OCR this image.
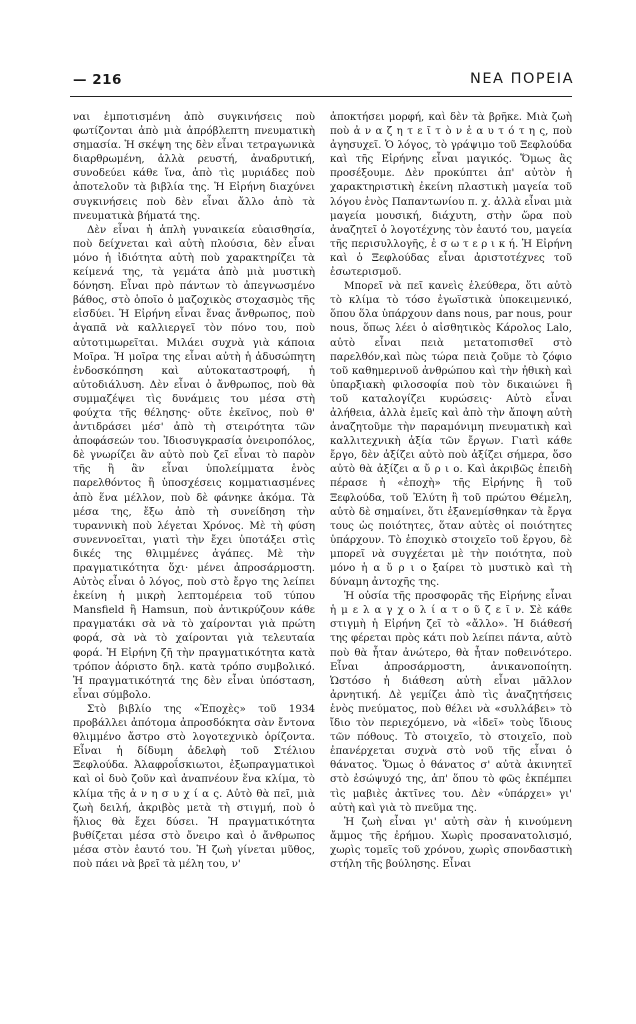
— 216	ΝΕΑ ΠΟΡΕΙΑ

ναι ἐμποτισμένη ἀπὸ συγκινήσεις ποὺ φωτίζονται ἀπὸ μιὰ ἀπρόβλεπτη πνευματικὴ σημασία. Ἡ σκέψη της δὲν εἶναι τετραγωνικὰ διαρθρωμένη, ἀλλὰ ρευστή, ἀναδρυτική, συνοδεύει κάθε ἴνα, ἀπὸ τὶς μυριάδες ποὺ ἀποτελοῦν τὰ βιβλία της. Ἡ Εἰρήνη διαχύνει συγκινήσεις ποὺ δὲν εἶναι ἄλλο ἀπὸ τὰ πνευματικὰ βήματά της.

Δὲν εἶναι ἡ ἁπλὴ γυναικεία εὐαισθησία, ποὺ δείχνεται καὶ αὐτὴ πλούσια, δὲν εἶναι μόνο ἡ ἰδιότητα αὐτὴ ποὺ χαρακτηρίζει τὰ κείμενά της, τὰ γεμάτα ἀπὸ μιὰ μυστικὴ δόνηση. Εἶναι πρὸ πάντων τὸ ἀπεγνωσμένο βάθος, στὸ ὁποῖο ὁ μαζοχικὸς στοχασμὸς τῆς εἰσδύει. Ἡ Εἰρήνη εἶναι ἕνας ἄνθρωπος, ποὺ ἀγαπᾶ νὰ καλλιεργεῖ τὸν πόνο του, ποὺ αὐτοτιμωρεῖται. Μιλάει συχνὰ γιὰ κάποια Μοῖρα. Ἡ μοῖρα της εἶναι αὐτὴ ἡ ἀδυσώπητη ἐνδοσκόπηση καὶ αὐτοκαταστροφή, ἡ αὐτοδιάλυση. Δὲν εἶναι ὁ ἄνθρωπος, ποὺ θὰ συμμαζέψει τὶς δυνάμεις του μέσα στὴ φούχτα τῆς θέλησης· οὔτε ἐκεῖνος, ποὺ θ' ἀντιδράσει μέσ' ἀπὸ τὴ στειρότητα τῶν ἀποφάσεών του. Ἰδιοσυγκρασία ὀνειροπόλος, δὲ γνωρίζει ἂν αὐτὸ ποὺ ζεῖ εἶναι τὸ παρὸν τῆς ἢ ἂν εἶναι ὑπολείμματα ἑνὸς παρελθόντος ἢ ὑποσχέσεις κομματιασμένες ἀπὸ ἕνα μέλλον, ποὺ δὲ φάνηκε ἀκόμα. Τὰ μέσα της, ἔξω ἀπὸ τὴ συνείδηση τὴν τυραννικὴ ποὺ λέγεται Χρόνος. Μὲ τὴ φύση συνεννοεῖται, γιατὶ τὴν ἔχει ὑποτάξει στὶς δικές της θλιμμένες ἀγάπες. Μὲ τὴν πραγματικότητα ὅχι· μένει ἀπροσάρμοστη. Αὐτὸς εἶναι ὁ λόγος, ποὺ στὸ ἔργο της λείπει ἐκείνη ἡ μικρὴ λεπτομέρεια τοῦ τύπου Mansfield ἢ Hamsun, ποὺ ἀντικρύζουν κάθε πραγματάκι σὰ νὰ τὸ χαίρονται γιὰ πρώτη φορά, σὰ νὰ τὸ χαίρονται γιὰ τελευταία φορά. Ἡ Εἰρήνη ζῆ τὴν πραγματικότητα κατὰ τρόπον ἀόριστο δηλ. κατὰ τρόπο συμβολικό. Ἡ πραγματικότητά της δὲν εἶναι ὑπόσταση, εἶναι σύμβολο.

Στὸ βιβλίο της «Ἐποχὲς» τοῦ 1934 προβάλλει ἀπότομα ἀπροσδόκητα σὰν ἔντονα θλιμμένο ἄστρο στὸ λογοτεχνικὸ ὁρίζοντα. Εἶναι ἡ δίδυμη ἀδελφὴ τοῦ Στέλιου Ξεφλούδα. Ἀλαφροΐσκιωτοι, ἐξωπραγματικοὶ καὶ οἱ δυὸ ζοῦν καὶ ἀναπνέουν ἕνα κλίμα, τὸ κλίμα τῆς ἀ ν η σ υ χ ί α ς. Αὐτὸ θὰ πεῖ, μιὰ ζωὴ δειλή, ἀκριβὸς μετὰ τὴ στιγμή, ποὺ ὁ ἥλιος θὰ ἔχει δύσει. Ἡ πραγματικότητα βυθίζεται μέσα στὸ ὄνειρο καὶ ὁ ἄνθρωπος μέσα στὸν ἑαυτό του. Ἡ ζωὴ γίνεται μῦθος, ποὺ πάει νὰ βρεῖ τὰ μέλη του, ν'

ἀποκτήσει μορφή, καὶ δὲν τὰ βρῆκε. Μιὰ ζωὴ ποὺ ἀ ν α ζ η τ ε ῖ τ ὸ ν ἑ α υ τ ό τ η ς, ποὺ ἀγησυχεῖ. Ὁ λόγος, τὸ γράψιμο τοῦ Ξεφλούδα καὶ τῆς Εἰρήνης εἶναι μαγικός. Ὅμως ἂς προσέξουμε. Δὲν προκύπτει ἀπ' αὐτὸν ἡ χαρακτηριστικὴ ἐκείνη πλαστικὴ μαγεία τοῦ λόγου ἑνὸς Παπαντωνίου π. χ. ἀλλὰ εἶναι μιὰ μαγεία μουσική, διάχυτη, στὴν ὥρα ποὺ ἀναζητεῖ ὁ λογοτέχνης τὸν ἑαυτό του, μαγεία τῆς περισυλλογῆς, ἐ σ ω τ ε ρ ι κ ή. Ἡ Εἰρήνη καὶ ὁ Ξεφλούδας εἶναι ἀριστοτέχνες τοῦ ἐσωτερισμοῦ.

Μπορεῖ νὰ πεῖ κανεὶς ἐλεύθερα, ὅτι αὐτὸ τὸ κλίμα τὸ τόσο ἐγωϊστικὰ ὑποκειμενικό, ὅπου ὅλα ὑπάρχουν dans nous, par nous, pour nous, ὅπως λέει ὁ αἰσθητικὸς Κάρολος Lalo, αὐτὸ εἶναι πειὰ μετατοπισθεῖ στὸ παρελθόν,καὶ πὼς τώρα πειὰ ζοῦμε τὸ ζόφιο τοῦ καθημερινοῦ ἀνθρώπου καὶ τὴν ἠθικὴ καὶ ὑπαρξιακὴ φιλοσοφία ποὺ τὸν δικαιώνει ἢ τοῦ καταλογίζει κυρώσεις· Αὐτὸ εἶναι ἀλήθεια, ἀλλὰ ἐμεῖς καὶ ἀπὸ τὴν ἄποψη αὐτὴ ἀναζητοῦμε τὴν παραμόνιμη πνευματικὴ καὶ καλλιτεχνικὴ ἀξία τῶν ἔργων. Γιατὶ κάθε ἔργο, δὲν ἀξίζει αὐτὸ ποὺ ἀξίζει σήμερα, ὅσο αὐτὸ θὰ ἀξίζει α ὔ ρ ι ο. Καὶ ἀκριβῶς ἐπειδὴ πέρασε ἡ «ἐποχὴ» τῆς Εἰρήνης ἢ τοῦ Ξεφλούδα, τοῦ Ἐλύτη ἢ τοῦ πρώτου Θέμελη, αὐτὸ δὲ σημαίνει, ὅτι ἐξανεμίσθηκαν τὰ ἔργα τους ὡς ποιότητες, ὅταν αὐτὲς οἱ ποιότητες ὑπάρχουν. Τὸ ἐποχικὸ στοιχεῖο τοῦ ἔργου, δὲ μπορεῖ νὰ συγχέεται μὲ τὴν ποιότητα, ποὺ μόνο ἡ α ὔ ρ ι ο ξαίρει τὸ μυστικὸ καὶ τὴ δύναμη ἀντοχῆς της.

Ἡ οὐσία τῆς προσφορᾶς τῆς Εἰρήνης εἶναι ἡ μ ε λ α γ χ ο λ ί α τ ο ῦ ζ ε ῖ ν. Σὲ κάθε στιγμὴ ἡ Εἰρήνη ζεῖ τὸ «ἄλλο». Ἡ διάθεσή της φέρεται πρὸς κάτι ποὺ λείπει πάντα, αὐτὸ ποὺ θὰ ἦταν ἀνώτερο, θὰ ἦταν ποθεινότερο. Εἶναι ἀπροσάρμοστη, ἀνικανοποίητη. Ὡστόσο ἡ διάθεση αὐτὴ εἶναι μᾶλλον ἀρνητική. Δὲ γεμίζει ἀπὸ τὶς ἀναζητήσεις ἑνὸς πνεύματος, ποὺ θέλει νὰ «συλλάβει» τὸ ἴδιο τὸν περιεχόμενο, νὰ «ἰδεῖ» τοὺς ἴδιους τῶν πόθους. Τὸ στοιχεῖο, τὸ στοιχεῖο, ποὺ ἐπανέρχεται συχνὰ στὸ νοῦ τῆς εἶναι ὁ θάνατος. Ὅμως ὁ θάνατος σ' αὐτὰ ἀκινητεῖ στὸ ἐσώψυχό της, ἀπ' ὅπου τὸ φῶς ἐκπέμπει τὶς μαβιὲς ἀκτῖνες του. Δὲν «ὑπάρχει» γι' αὐτὴ καὶ γιὰ τὸ πνεῦμα της.

Ἡ ζωὴ εἶναι γι' αὐτὴ σὰν ἡ κινούμενη ἄμμος τῆς ἐρήμου. Χωρὶς προσανατολισμό, χωρὶς τομεῖς τοῦ χρόνου, χωρὶς σπονδαστικὴ στήλη τῆς βούλησης. Εἶναι
